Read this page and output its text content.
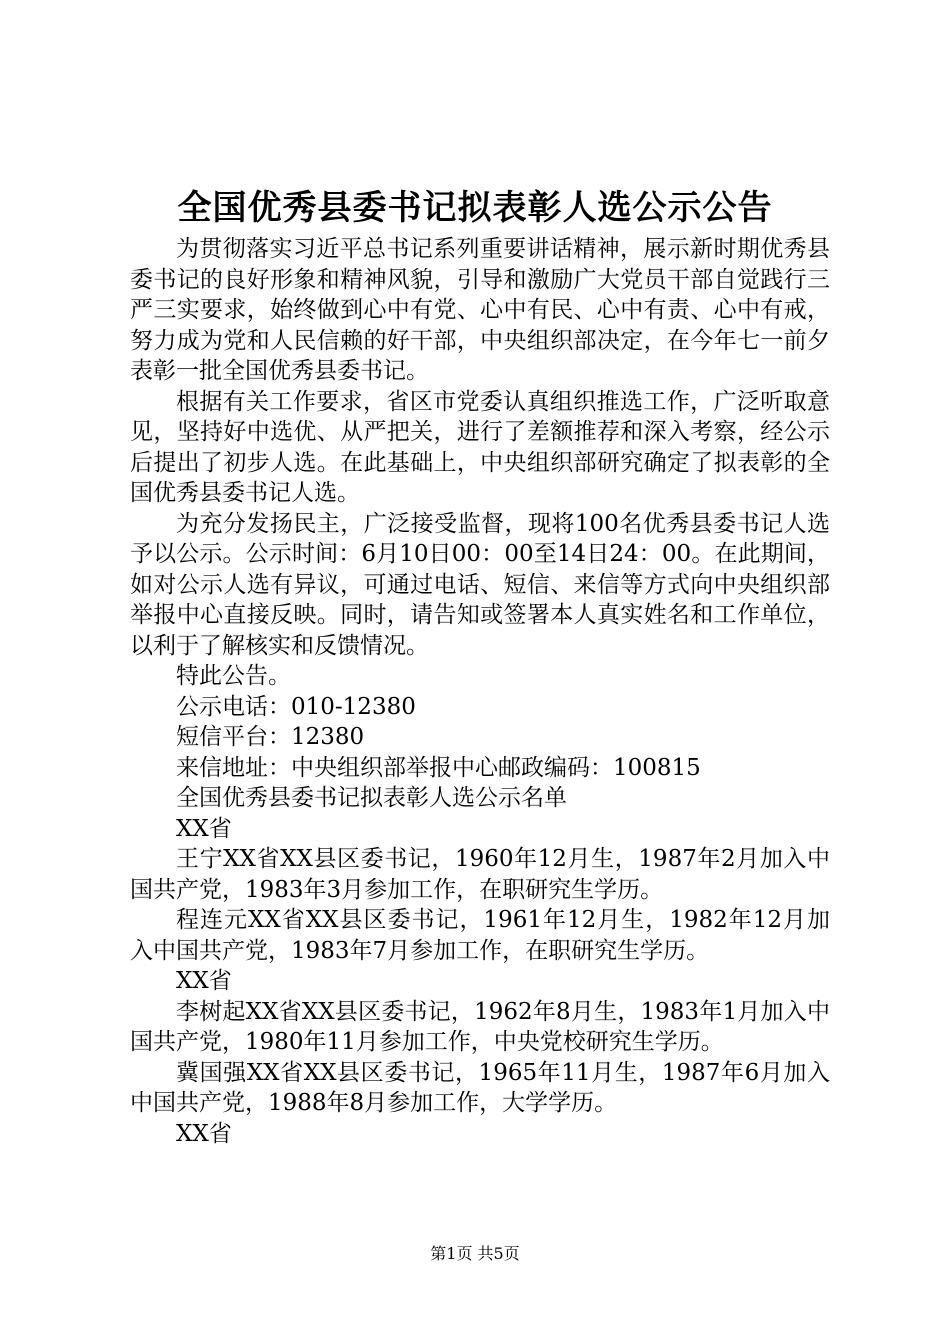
全国优秀县委书记拟表彰人选公示公告

为贯彻落实习近平总书记系列重要讲话精神，展示新时期优秀县委书记的良好形象和精神风貌，引导和激励广大党员干部自觉践行三严三实要求，始终做到心中有党、心中有民、心中有责、心中有戒，努力成为党和人民信赖的好干部，中央组织部决定，在今年七一前夕表彰一批全国优秀县委书记。

根据有关工作要求，省区市党委认真组织推选工作，广泛听取意见，坚持好中选优、从严把关，进行了差额推荐和深入考察，经公示后提出了初步人选。在此基础上，中央组织部研究确定了拟表彰的全国优秀县委书记人选。

为充分发扬民主，广泛接受监督，现将100名优秀县委书记人选予以公示。公示时间：6月10日00：00至14日24：00。在此期间，如对公示人选有异议，可通过电话、短信、来信等方式向中央组织部举报中心直接反映。同时，请告知或签署本人真实姓名和工作单位，以利于了解核实和反馈情况。

特此公告。

公示电话：010-12380

短信平台：12380

来信地址：中央组织部举报中心邮政编码：100815

全国优秀县委书记拟表彰人选公示名单

XX省

王宁XX省XX县区委书记，1960年12月生，1987年2月加入中国共产党，1983年3月参加工作，在职研究生学历。

程连元XX省XX县区委书记，1961年12月生，1982年12月加入中国共产党，1983年7月参加工作，在职研究生学历。

XX省

李树起XX省XX县区委书记，1962年8月生，1983年1月加入中国共产党，1980年11月参加工作，中央党校研究生学历。

冀国强XX省XX县区委书记，1965年11月生，1987年6月加入中国共产党，1988年8月参加工作，大学学历。

XX省

第1页 共5页
